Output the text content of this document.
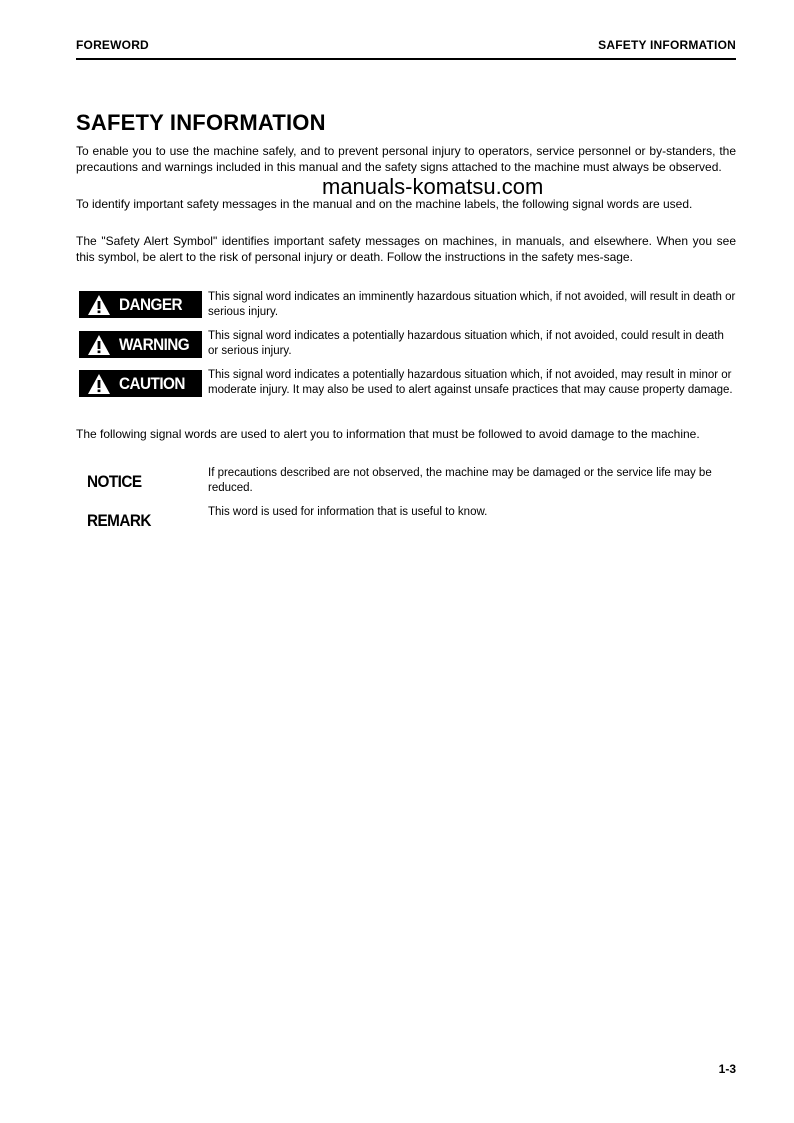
FOREWORD	SAFETY INFORMATION
SAFETY INFORMATION
To enable you to use the machine safely, and to prevent personal injury to operators, service personnel or by-standers, the precautions and warnings included in this manual and the safety signs attached to the machine must always be observed.
manuals-komatsu.com
To identify important safety messages in the manual and on the machine labels, the following signal words are used.
The "Safety Alert Symbol" identifies important safety messages on machines, in manuals, and elsewhere. When you see this symbol, be alert to the risk of personal injury or death. Follow the instructions in the safety mes-sage.
DANGER This signal word indicates an imminently hazardous situation which, if not avoided, will result in death or serious injury.
WARNING This signal word indicates a potentially hazardous situation which, if not avoided, could result in death or serious injury.
CAUTION This signal word indicates a potentially hazardous situation which, if not avoided, may result in minor or moderate injury. It may also be used to alert against unsafe practices that may cause property damage.
The following signal words are used to alert you to information that must be followed to avoid damage to the machine.
NOTICE	If precautions described are not observed, the machine may be damaged or the service life may be reduced.
REMARK	This word is used for information that is useful to know.
1-3
